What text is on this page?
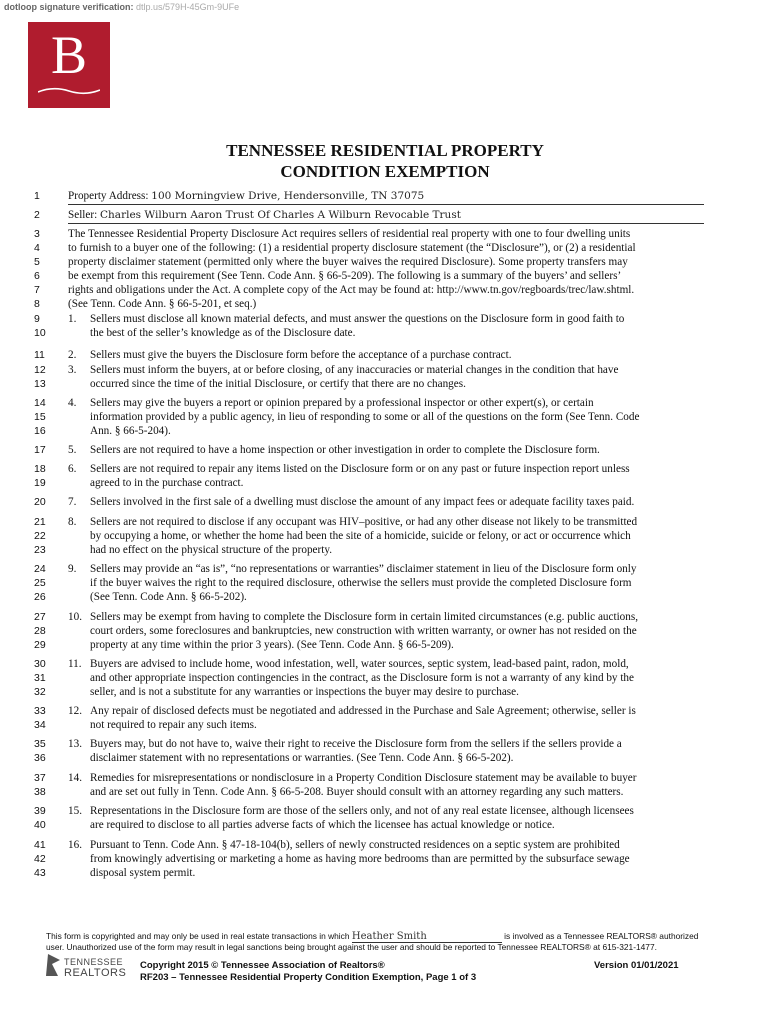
dotloop signature verification: dtlp.us/579H-45Gm-9UFe
B
TENNESSEE RESIDENTIAL PROPERTY
CONDITION EXEMPTION
1	Property Address: 100 Morningview Drive, Hendersonville, TN 37075
2	Seller: Charles Wilburn Aaron Trust Of Charles A Wilburn Revocable Trust
3	The Tennessee Residential Property Disclosure Act requires sellers of residential real property with one to four dwelling units
4	to furnish to a buyer one of the following: (1) a residential property disclosure statement (the “Disclosure”), or (2) a residential
5	property disclaimer statement (permitted only where the buyer waives the required Disclosure). Some property transfers may
6	be exempt from this requirement (See Tenn. Code Ann. § 66-5-209). The following is a summary of the buyers’ and sellers’
7	rights and obligations under the Act. A complete copy of the Act may be found at: http://www.tn.gov/regboards/trec/law.shtml.
8	(See Tenn. Code Ann. § 66-5-201, et seq.)
9	1.	Sellers must disclose all known material defects, and must answer the questions on the Disclosure form in good faith to
10	the best of the seller’s knowledge as of the Disclosure date.
11	2.	Sellers must give the buyers the Disclosure form before the acceptance of a purchase contract.
12	3.	Sellers must inform the buyers, at or before closing, of any inaccuracies or material changes in the condition that have
13	occurred since the time of the initial Disclosure, or certify that there are no changes.
14	4.	Sellers may give the buyers a report or opinion prepared by a professional inspector or other expert(s), or certain
15	information provided by a public agency, in lieu of responding to some or all of the questions on the form (See Tenn. Code
16	Ann. § 66-5-204).
17	5.	Sellers are not required to have a home inspection or other investigation in order to complete the Disclosure form.
18	6.	Sellers are not required to repair any items listed on the Disclosure form or on any past or future inspection report unless
19	agreed to in the purchase contract.
20	7.	Sellers involved in the first sale of a dwelling must disclose the amount of any impact fees or adequate facility taxes paid.
21	8.	Sellers are not required to disclose if any occupant was HIV–positive, or had any other disease not likely to be transmitted
22	by occupying a home, or whether the home had been the site of a homicide, suicide or felony, or act or occurrence which
23	had no effect on the physical structure of the property.
24	9.	Sellers may provide an “as is”, “no representations or warranties” disclaimer statement in lieu of the Disclosure form only
25	if the buyer waives the right to the required disclosure, otherwise the sellers must provide the completed Disclosure form
26	(See Tenn. Code Ann. § 66-5-202).
27	10. Sellers may be exempt from having to complete the Disclosure form in certain limited circumstances (e.g. public auctions,
28	court orders, some foreclosures and bankruptcies, new construction with written warranty, or owner has not resided on the
29	property at any time within the prior 3 years). (See Tenn. Code Ann. § 66-5-209).
30	11. Buyers are advised to include home, wood infestation, well, water sources, septic system, lead-based paint, radon, mold,
31	and other appropriate inspection contingencies in the contract, as the Disclosure form is not a warranty of any kind by the
32	seller, and is not a substitute for any warranties or inspections the buyer may desire to purchase.
33	12. Any repair of disclosed defects must be negotiated and addressed in the Purchase and Sale Agreement; otherwise, seller is
34	not required to repair any such items.
35	13. Buyers may, but do not have to, waive their right to receive the Disclosure form from the sellers if the sellers provide a
36	disclaimer statement with no representations or warranties. (See Tenn. Code Ann. § 66-5-202).
37	14. Remedies for misrepresentations or nondisclosure in a Property Condition Disclosure statement may be available to buyer
38	and are set out fully in Tenn. Code Ann. § 66-5-208. Buyer should consult with an attorney regarding any such matters.
39	15. Representations in the Disclosure form are those of the sellers only, and not of any real estate licensee, although licensees
40	are required to disclose to all parties adverse facts of which the licensee has actual knowledge or notice.
41	16. Pursuant to Tenn. Code Ann. § 47-18-104(b), sellers of newly constructed residences on a septic system are prohibited
42	from knowingly advertising or marketing a home as having more bedrooms than are permitted by the subsurface sewage
43	disposal system permit.
This form is copyrighted and may only be used in real estate transactions in which Heather Smith	is involved as a Tennessee REALTORS® authorized
user. Unauthorized use of the form may result in legal sanctions being brought against the user and should be reported to Tennessee REALTORS® at 615-321-1477.
TENNESSEE
REALTORS
Copyright 2015 © Tennessee Association of Realtors®
RF203 – Tennessee Residential Property Condition Exemption, Page 1 of 3
Version 01/01/2021
